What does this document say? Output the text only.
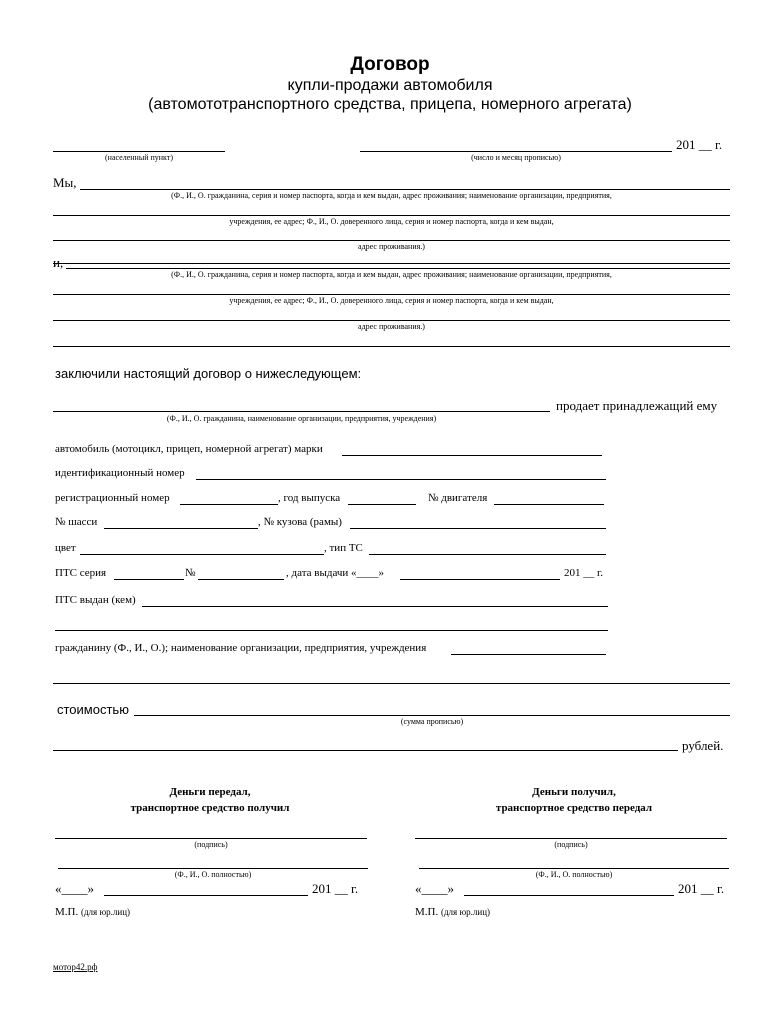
Договор
купли-продажи автомобиля
(автомототранспортного средства, прицепа, номерного агрегата)
(населенный пункт)	(число и месяц прописью)
201 __ г.
Мы,
(Ф., И., О. гражданина, серия и номер паспорта, когда и кем выдан, адрес проживания; наименование организации, предприятия,
учреждения, ее адрес; Ф., И., О. доверенного лица, серия и номер паспорта, когда и кем выдан,
адрес проживания.)
и,
(Ф., И., О. гражданина, серия и номер паспорта, когда и кем выдан, адрес проживания; наименование организации, предприятия,
учреждения, ее адрес; Ф., И., О. доверенного лица, серия и номер паспорта, когда и кем выдан,
адрес проживания.)
заключили настоящий договор о нижеследующем:
(Ф., И., О. гражданина, наименование организации, предприятия, учреждения)
продает принадлежащий ему
автомобиль (мотоцикл, прицеп, номерной агрегат) марки
идентификационный номер
регистрационный номер	, год выпуска	№ двигателя
№ шасси	, № кузова (рамы)
цвет	, тип ТС
ПТС серия	№	, дата выдачи «____»	201 __ г.
ПТС выдан (кем)
гражданину (Ф., И., О.); наименование организации, предприятия, учреждения
стоимостью
(сумма прописью)
рублей.
Деньги передал,
транспортное средство получил
(подпись)
(Ф., И., О. полностью)
«____»	201 __ г.
М.П. (для юр.лиц)
Деньги получил,
транспортное средство передал
(подпись)
(Ф., И., О. полностью)
«____»	201 __ г.
М.П. (для юр.лиц)
мотор42.рф
